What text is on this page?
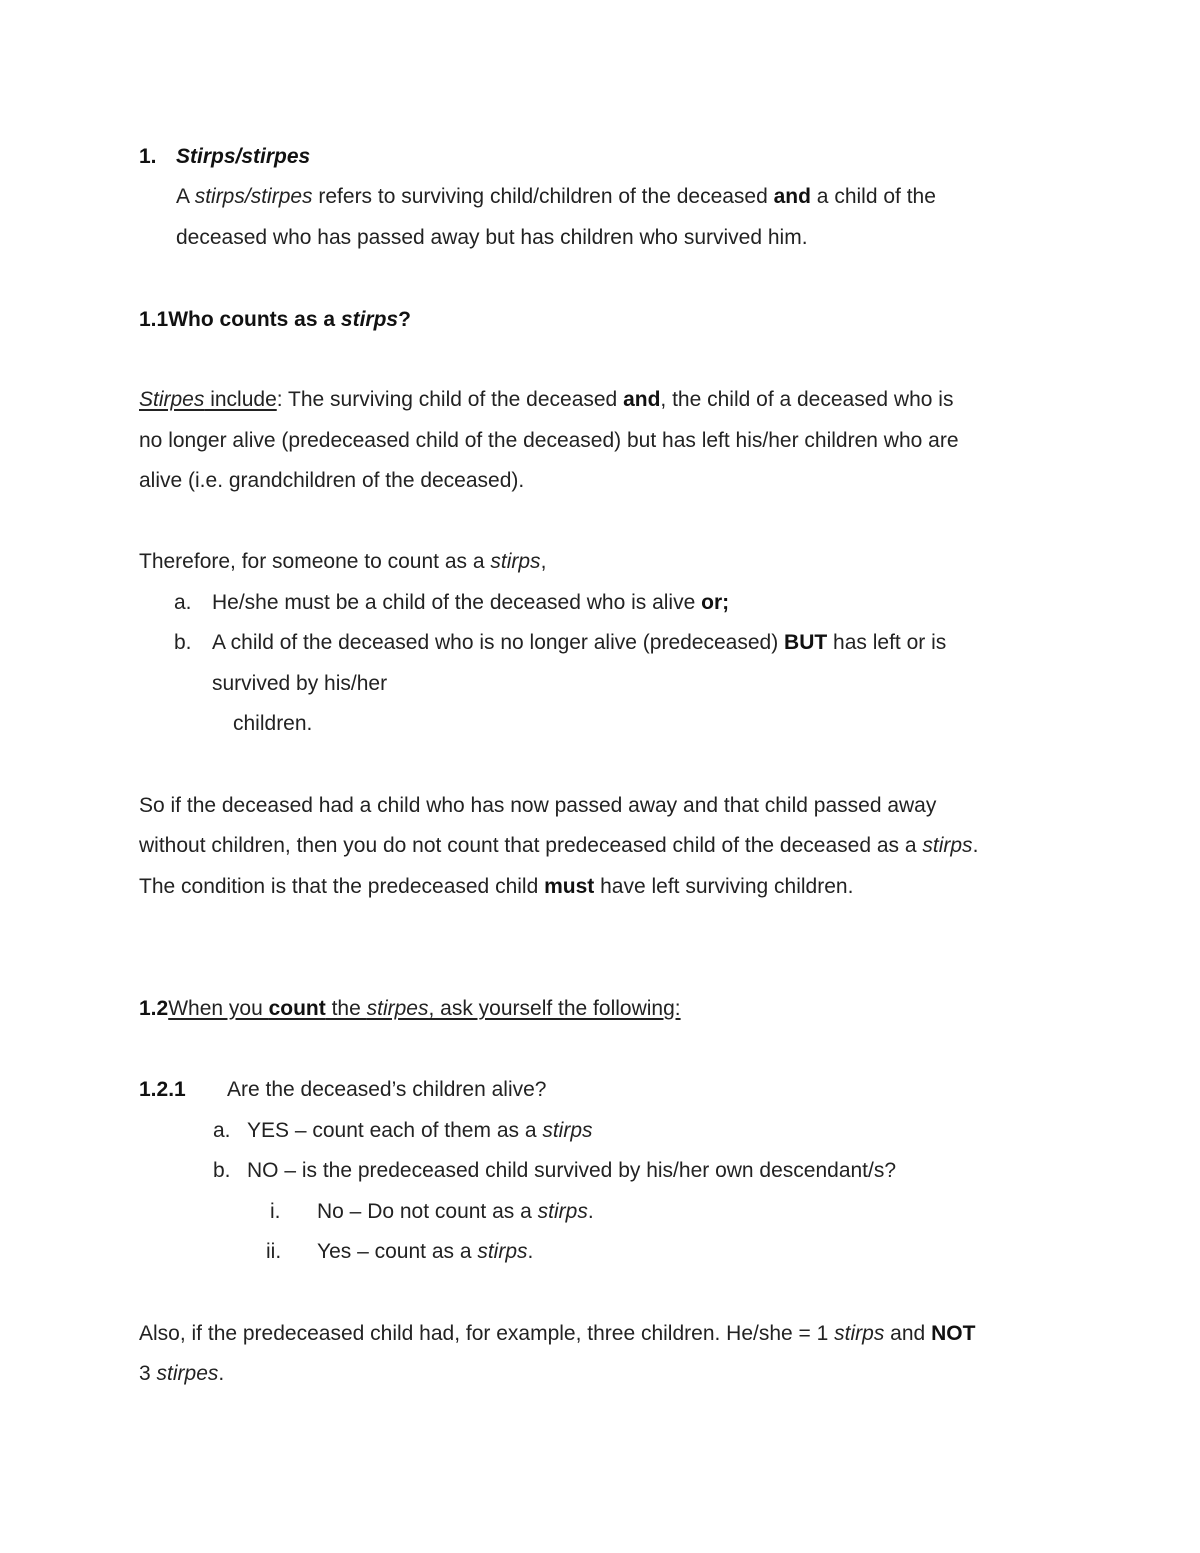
1. Stirps/stirpes
A stirps/stirpes refers to surviving child/children of the deceased and a child of the
deceased who has passed away but has children who survived him.
1.1Who counts as a stirps?
Stirpes include: The surviving child of the deceased and, the child of a deceased who is
no longer alive (predeceased child of the deceased) but has left his/her children who are
alive (i.e. grandchildren of the deceased).
Therefore, for someone to count as a stirps,
a. He/she must be a child of the deceased who is alive or;
b. A child of the deceased who is no longer alive (predeceased) BUT has left or is
survived by his/her
children.
So if the deceased had a child who has now passed away and that child passed away
without children, then you do not count that predeceased child of the deceased as a stirps.
The condition is that the predeceased child must have left surviving children.
1.2When you count the stirpes, ask yourself the following:
1.2.1 Are the deceased’s children alive?
a. YES – count each of them as a stirps
b. NO – is the predeceased child survived by his/her own descendant/s?
i. No – Do not count as a stirps.
ii. Yes – count as a stirps.
Also, if the predeceased child had, for example, three children. He/she = 1 stirps and NOT
3 stirpes.
